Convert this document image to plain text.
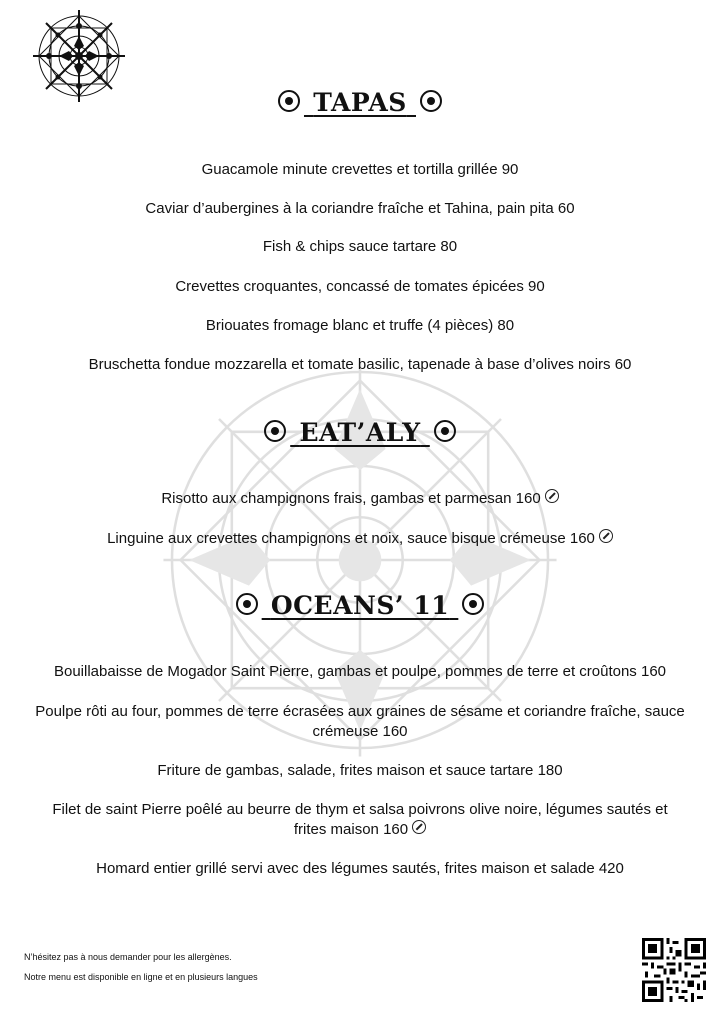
TAPAS
Guacamole minute crevettes et tortilla grillée 90
Caviar d’aubergines à la coriandre fraîche et Tahina, pain pita 60
Fish & chips sauce tartare 80
Crevettes croquantes, concassé de tomates épicées 90
Briouates fromage blanc et truffe (4 pièces) 80
Bruschetta fondue mozzarella et tomate basilic, tapenade à base d’olives noirs 60
EAT’ALY
Risotto aux champignons frais, gambas et parmesan 160
Linguine aux crevettes champignons et noix, sauce bisque crémeuse 160
OCEANS’ 11
Bouillabaisse de Mogador Saint Pierre, gambas et poulpe, pommes de terre et croûtons 160
Poulpe rôti au four, pommes de terre écrasées aux graines de sésame et coriandre fraîche, sauce
crémeuse 160
Friture de gambas, salade, frites maison et sauce tartare 180
Filet de saint Pierre poêlé au beurre de thym et salsa poivrons olive noire, légumes sautés et
frites maison 160
Homard entier grillé servi avec des légumes sautés, frites maison et salade 420
N’hésitez pas à nous demander pour les allergènes.
Notre menu est disponible en ligne et en plusieurs langues
